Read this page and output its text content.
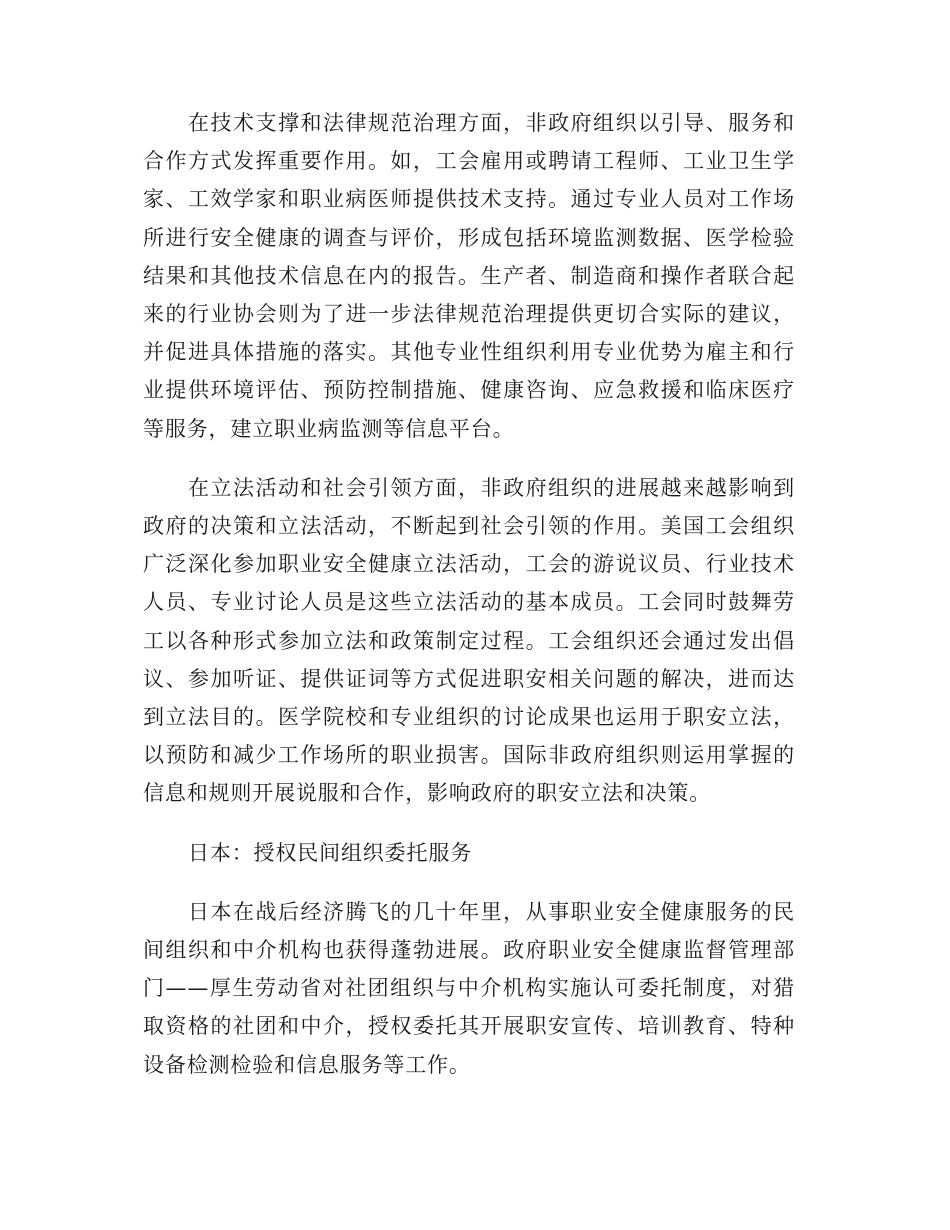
在技术支撑和法律规范治理方面，非政府组织以引导、服务和合作方式发挥重要作用。如，工会雇用或聘请工程师、工业卫生学家、工效学家和职业病医师提供技术支持。通过专业人员对工作场所进行安全健康的调查与评价，形成包括环境监测数据、医学检验结果和其他技术信息在内的报告。生产者、制造商和操作者联合起来的行业协会则为了进一步法律规范治理提供更切合实际的建议，并促进具体措施的落实。其他专业性组织利用专业优势为雇主和行业提供环境评估、预防控制措施、健康咨询、应急救援和临床医疗等服务，建立职业病监测等信息平台。

在立法活动和社会引领方面，非政府组织的进展越来越影响到政府的决策和立法活动，不断起到社会引领的作用。美国工会组织广泛深化参加职业安全健康立法活动，工会的游说议员、行业技术人员、专业讨论人员是这些立法活动的基本成员。工会同时鼓舞劳工以各种形式参加立法和政策制定过程。工会组织还会通过发出倡议、参加听证、提供证词等方式促进职安相关问题的解决，进而达到立法目的。医学院校和专业组织的讨论成果也运用于职安立法，以预防和减少工作场所的职业损害。国际非政府组织则运用掌握的信息和规则开展说服和合作，影响政府的职安立法和决策。

日本：授权民间组织委托服务

日本在战后经济腾飞的几十年里，从事职业安全健康服务的民间组织和中介机构也获得蓬勃进展。政府职业安全健康监督管理部门——厚生劳动省对社团组织与中介机构实施认可委托制度，对猎取资格的社团和中介，授权委托其开展职安宣传、培训教育、特种设备检测检验和信息服务等工作。
